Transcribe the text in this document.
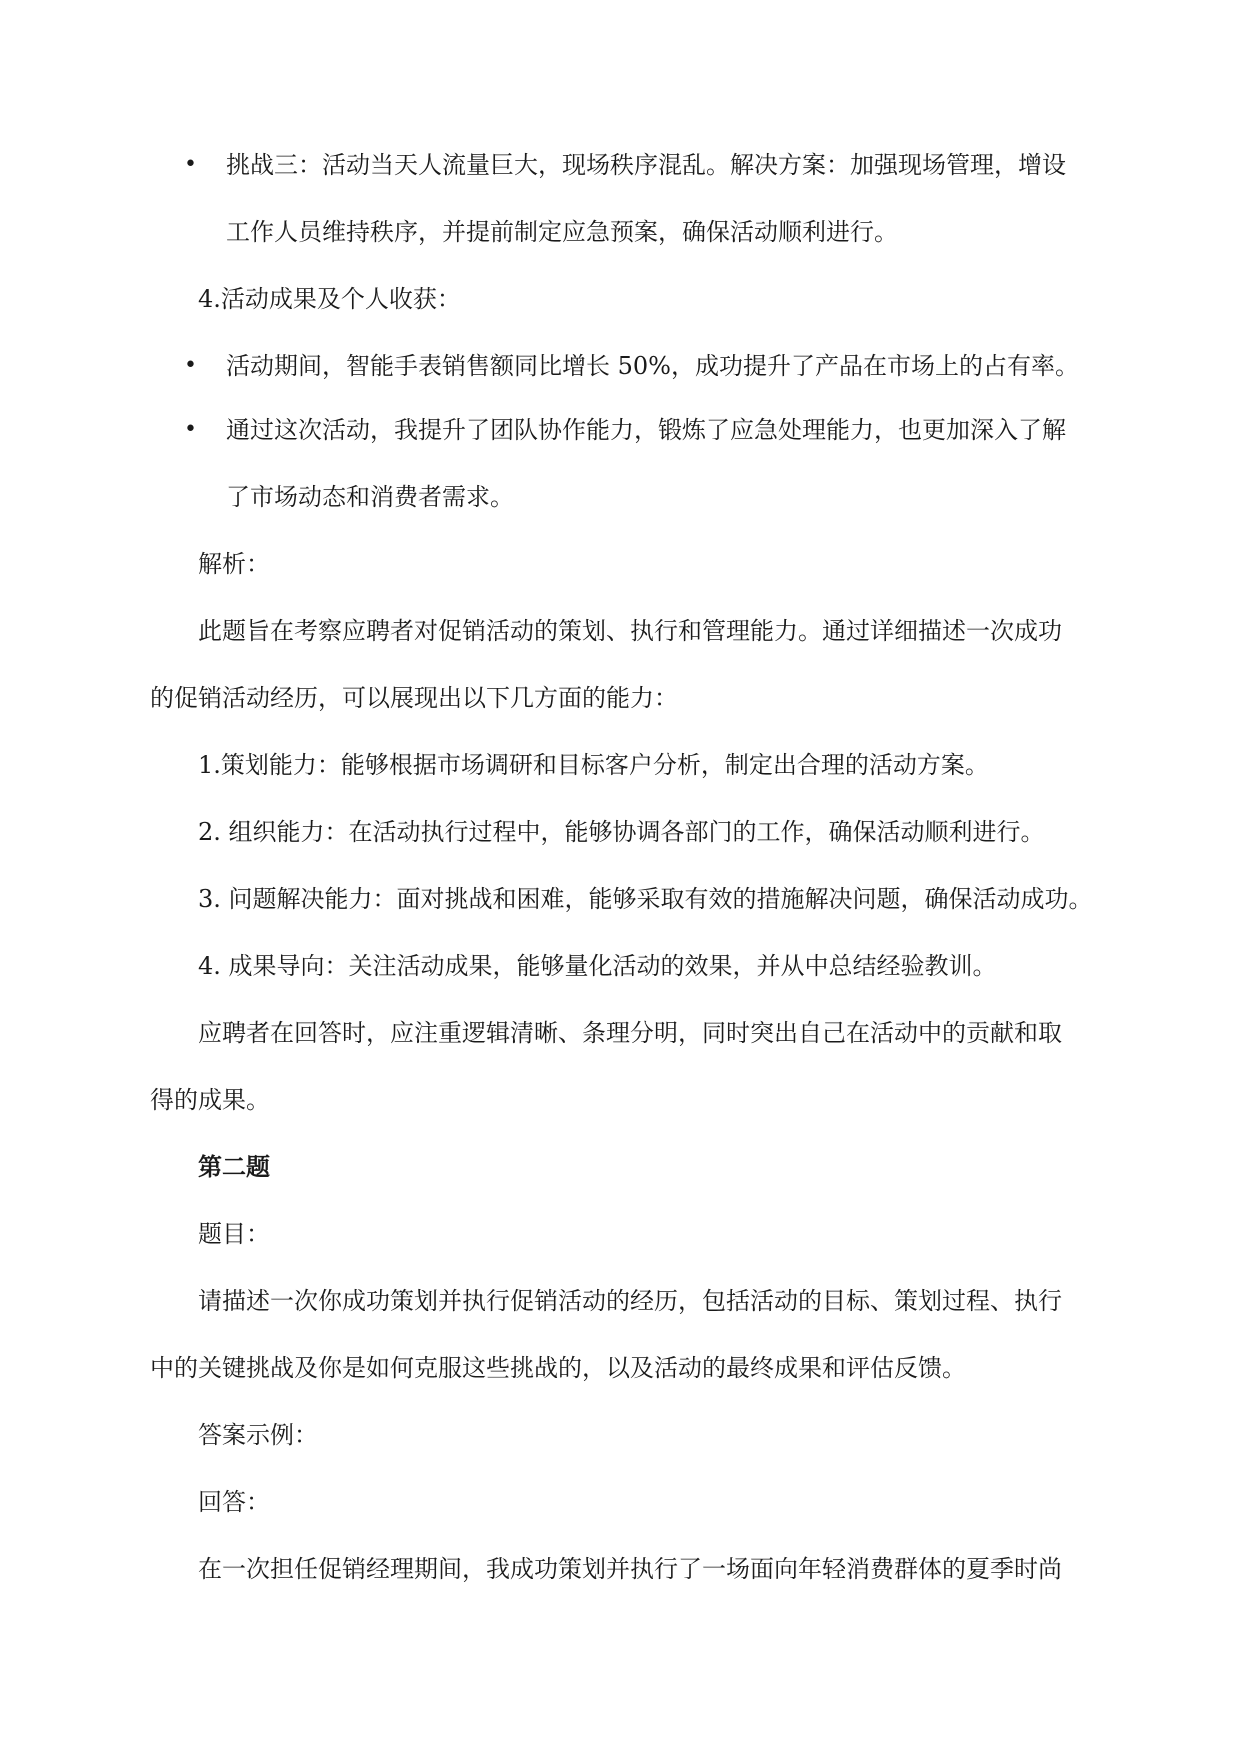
• 挑战三：活动当天人流量巨大，现场秩序混乱。解决方案：加强现场管理，增设
工作人员维持秩序，并提前制定应急预案，确保活动顺利进行。
4.活动成果及个人收获：
• 活动期间，智能手表销售额同比增长 50%，成功提升了产品在市场上的占有率。
• 通过这次活动，我提升了团队协作能力，锻炼了应急处理能力，也更加深入了解
了市场动态和消费者需求。
解析：
此题旨在考察应聘者对促销活动的策划、执行和管理能力。通过详细描述一次成功
的促销活动经历，可以展现出以下几方面的能力：
1.策划能力：能够根据市场调研和目标客户分析，制定出合理的活动方案。
2. 组织能力：在活动执行过程中，能够协调各部门的工作，确保活动顺利进行。
3. 问题解决能力：面对挑战和困难，能够采取有效的措施解决问题，确保活动成功。
4. 成果导向：关注活动成果，能够量化活动的效果，并从中总结经验教训。
应聘者在回答时，应注重逻辑清晰、条理分明，同时突出自己在活动中的贡献和取
得的成果。
第二题
题目：
请描述一次你成功策划并执行促销活动的经历，包括活动的目标、策划过程、执行
中的关键挑战及你是如何克服这些挑战的，以及活动的最终成果和评估反馈。
答案示例：
回答：
在一次担任促销经理期间，我成功策划并执行了一场面向年轻消费群体的夏季时尚
